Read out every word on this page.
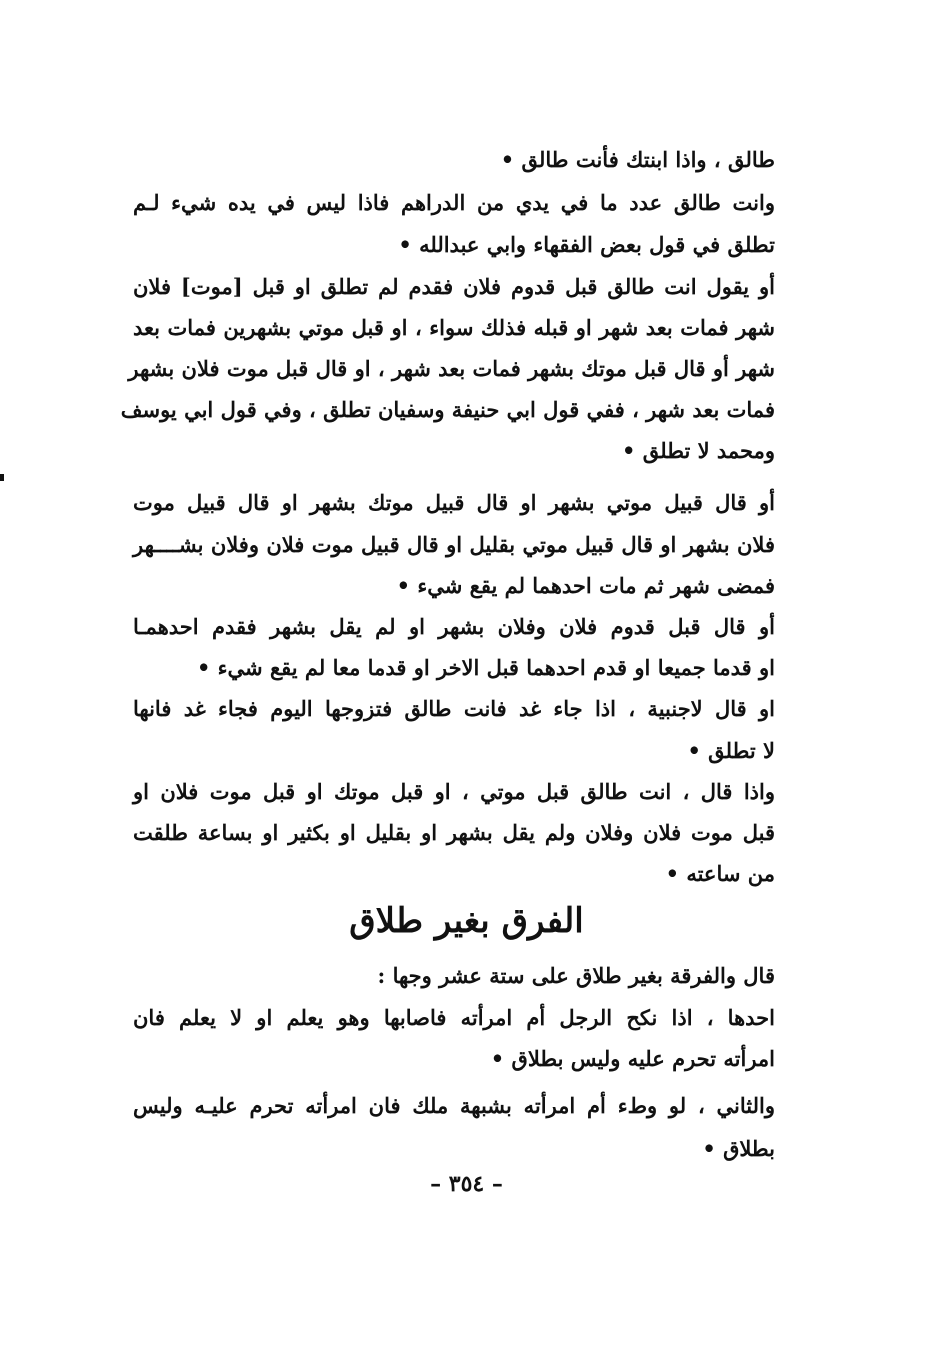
طالق ، واذا ابنتك فأنت طالق •
وانت طالق عدد ما في يدي من الدراهم فاذا ليس في يده شيء لـم
تطلق في قول بعض الفقهاء وابي عبدالله •
أو يقول انت طالق قبل قدوم فلان فقدم لم تطلق او قبل [موت] فلان
شهر فمات بعد شهر او قبله فذلك سواء ، او قبل موتي بشهرين فمات بعد
شهر أو قال قبل موتك بشهر فمات بعد شهر ، او قال قبل موت فلان بشهر
فمات بعد شهر ، ففي قول ابي حنيفة وسفيان تطلق ، وفي قول ابي يوسف
ومحمد لا تطلق •
أو قال قبيل موتي بشهر او قال قبيل موتك بشهر او قال قبيل موت
فلان بشهر او قال قبيل موتي بقليل او قال قبيل موت فلان وفلان بشــــهر
فمضى شهر ثم مات احدهما لم يقع شيء •
أو قال قبل قدوم فلان وفلان بشهر او لم يقل بشهر فقدم احدهمـا
او قدما جميعا او قدم احدهما قبل الاخر او قدما معا لم يقع شيء •
او قال لاجنبية ، اذا جاء غد فانت طالق فتزوجها اليوم فجاء غد فانها
لا تطلق •
واذا قال ، انت طالق قبل موتي ، او قبل موتك او قبل موت فلان او
قبل موت فلان وفلان ولم يقل بشهر او بقليل او بكثير او بساعة طلقت
من ساعته •
الفرق بغير طلاق
قال والفرقة بغير طلاق على ستة عشر وجها :
احدها ، اذا نكح الرجل أم امرأته فاصابها وهو يعلم او لا يعلم فان
امرأته تحرم عليه وليس بطلاق •
والثاني ، لو وطء أم امرأته بشبهة ملك فان امرأته تحرم عليـه وليس
بطلاق •
– ٣٥٤ –
